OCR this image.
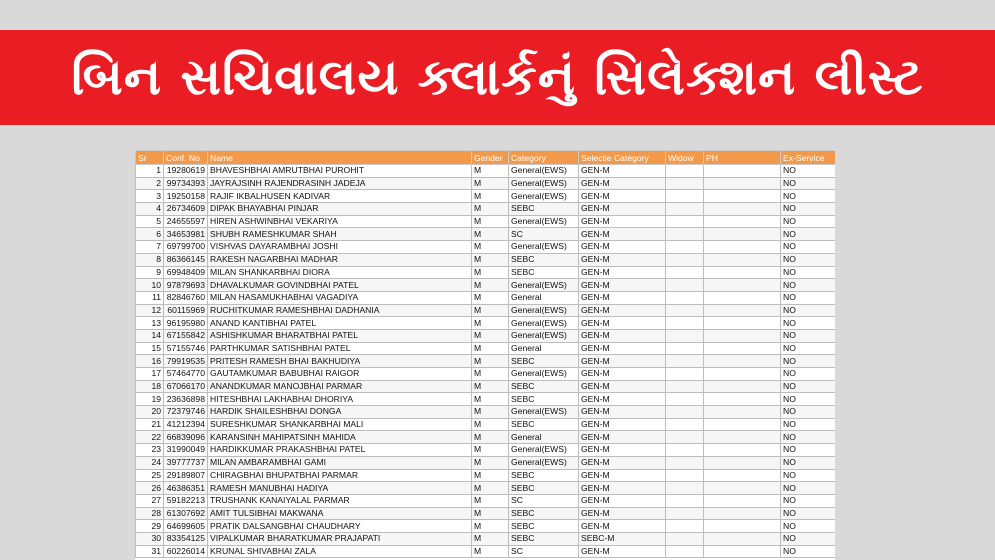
બિન સચિવાલય ક્લાર્કનું સિલેક્શન લીસ્ટ
Sr	Conf. No	Name	Gender	Category	Selectie Category	Widow	PH	Ex-Service
1	19280619	BHAVESHBHAI AMRUTBHAI PUROHIT	M	General(EWS)	GEN-M			NO
2	99734393	JAYRAJSINH RAJENDRASINH JADEJA	M	General(EWS)	GEN-M			NO
3	19250158	RAJIF IKBALHUSEN KADIVAR	M	General(EWS)	GEN-M			NO
4	26734609	DIPAK BHAYABHAI PINJAR	M	SEBC	GEN-M			NO
5	24655597	HIREN ASHWINBHAI VEKARIYA	M	General(EWS)	GEN-M			NO
6	34653981	SHUBH RAMESHKUMAR SHAH	M	SC	GEN-M			NO
7	69799700	VISHVAS DAYARAMBHAI JOSHI	M	General(EWS)	GEN-M			NO
8	86366145	RAKESH NAGARBHAI MADHAR	M	SEBC	GEN-M			NO
9	69948409	MILAN SHANKARBHAI DIORA	M	SEBC	GEN-M			NO
10	97879693	DHAVALKUMAR GOVINDBHAI PATEL	M	General(EWS)	GEN-M			NO
11	82846760	MILAN HASAMUKHABHAI VAGADIYA	M	General	GEN-M			NO
12	60115969	RUCHITKUMAR RAMESHBHAI DADHANIA	M	General(EWS)	GEN-M			NO
13	96195980	ANAND KANTIBHAI PATEL	M	General(EWS)	GEN-M			NO
14	67155842	ASHISHKUMAR BHARATBHAI PATEL	M	General(EWS)	GEN-M			NO
15	57155746	PARTHKUMAR SATISHBHAI PATEL	M	General	GEN-M			NO
16	79919535	PRITESH RAMESH BHAI BAKHUDIYA	M	SEBC	GEN-M			NO
17	57464770	GAUTAMKUMAR BABUBHAI RAIGOR	M	General(EWS)	GEN-M			NO
18	67066170	ANANDKUMAR MANOJBHAI PARMAR	M	SEBC	GEN-M			NO
19	23636898	HITESHBHAI LAKHABHAI DHORIYA	M	SEBC	GEN-M			NO
20	72379746	HARDIK SHAILESHBHAI DONGA	M	General(EWS)	GEN-M			NO
21	41212394	SURESHKUMAR SHANKARBHAI MALI	M	SEBC	GEN-M			NO
22	66839096	KARANSINH MAHIPATSINH MAHIDA	M	General	GEN-M			NO
23	31990049	HARDIKKUMAR PRAKASHBHAI PATEL	M	General(EWS)	GEN-M			NO
24	39777737	MILAN AMBARAMBHAI GAMI	M	General(EWS)	GEN-M			NO
25	29189807	CHIRAGBHAI BHUPATBHAI PARMAR	M	SEBC	GEN-M			NO
26	46386351	RAMESH MANUBHAI HADIYA	M	SEBC	GEN-M			NO
27	59182213	TRUSHANK KANAIYALAL PARMAR	M	SC	GEN-M			NO
28	61307692	AMIT TULSIBHAI MAKWANA	M	SEBC	GEN-M			NO
29	64699605	PRATIK DALSANGBHAI CHAUDHARY	M	SEBC	GEN-M			NO
30	83354125	VIPALKUMAR BHARATKUMAR PRAJAPATI	M	SEBC	SEBC-M			NO
31	60226014	KRUNAL SHIVABHAI ZALA	M	SC	GEN-M			NO
